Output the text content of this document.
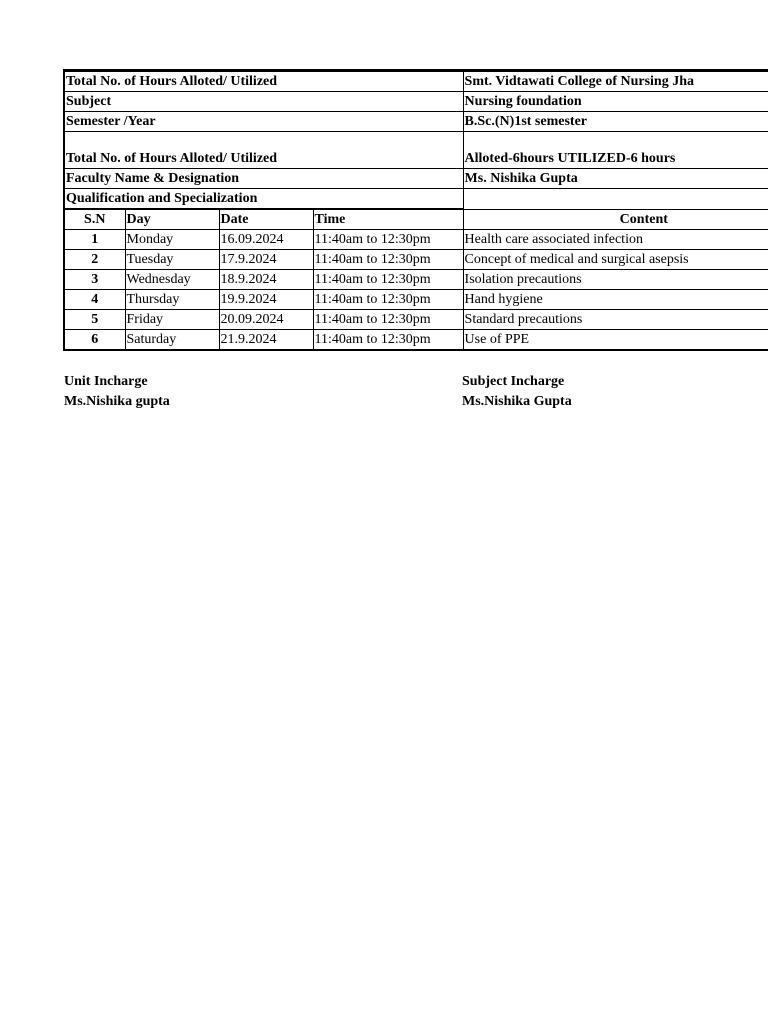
Total No. of Hours Alloted/ Utilized				Smt. Vidtawati College of Nursing Jha
Subject				Nursing foundation
Semester /Year				B.Sc.(N)1st semester
Total No. of Hours Alloted/ Utilized				Alloted-6hours UTILIZED-6 hours
Faculty Name & Designation				Ms. Nishika Gupta
Qualification and Specialization				
S.N	Day	Date	Time	Content
1	Monday	16.09.2024	11:40am to 12:30pm	Health care associated infection
2	Tuesday	17.9.2024	11:40am to 12:30pm	Concept of medical and surgical asepsis
3	Wednesday	18.9.2024	11:40am to 12:30pm	Isolation precautions
4	Thursday	19.9.2024	11:40am to 12:30pm	Hand hygiene
5	Friday	20.09.2024	11:40am to 12:30pm	Standard precautions
6	Saturday	21.9.2024	11:40am to 12:30pm	Use of PPE
Unit Incharge
Ms.Nishika gupta
Subject Incharge
Ms.Nishika Gupta
